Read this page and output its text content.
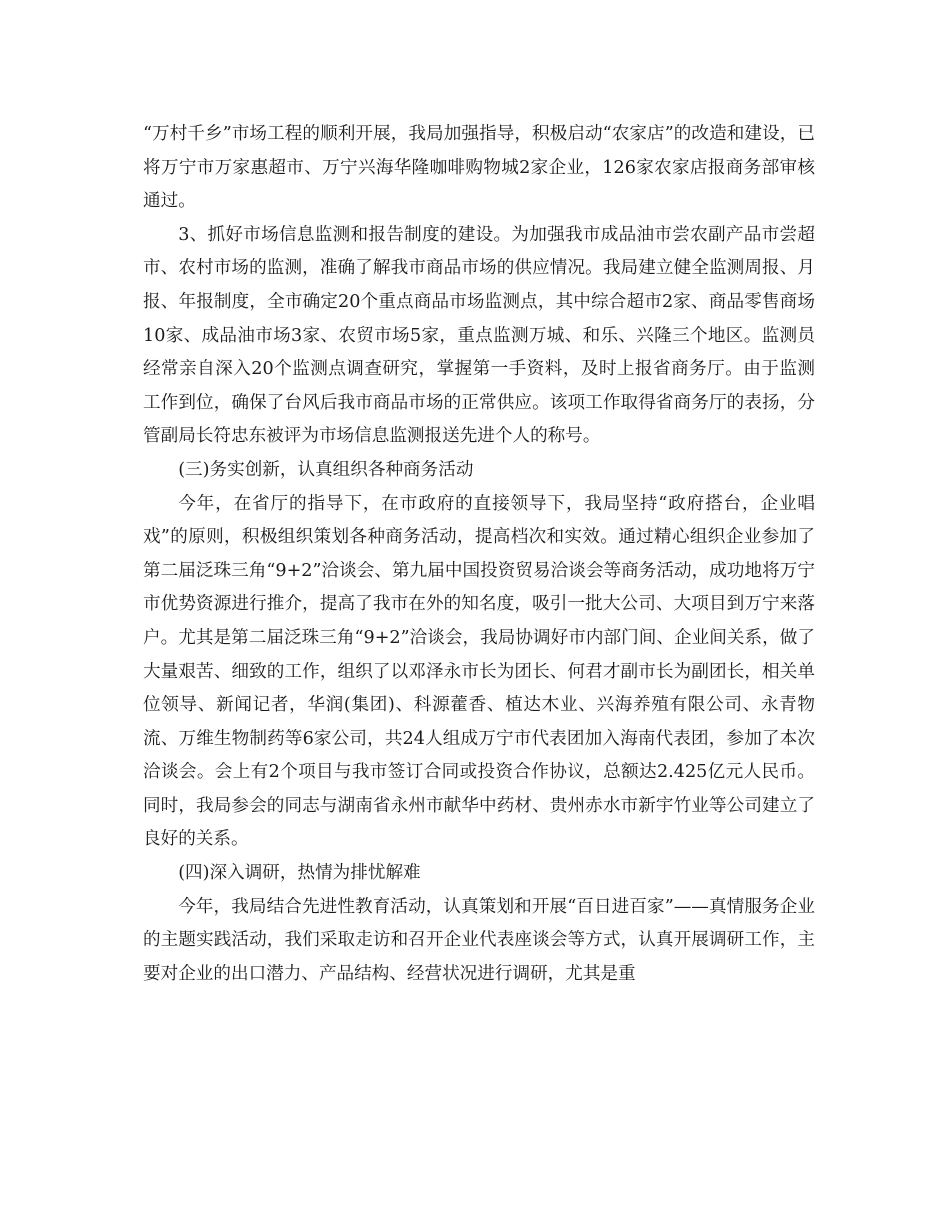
“万村千乡”市场工程的顺利开展，我局加强指导，积极启动“农家店”的改造和建设，已将万宁市万家惠超市、万宁兴海华隆咖啡购物城2家企业，126家农家店报商务部审核通过。

3、抓好市场信息监测和报告制度的建设。为加强我市成品油市尝农副产品市尝超市、农村市场的监测，准确了解我市商品市场的供应情况。我局建立健全监测周报、月报、年报制度，全市确定20个重点商品市场监测点，其中综合超市2家、商品零售商场10家、成品油市场3家、农贸市场5家，重点监测万城、和乐、兴隆三个地区。监测员经常亲自深入20个监测点调查研究，掌握第一手资料，及时上报省商务厅。由于监测工作到位，确保了台风后我市商品市场的正常供应。该项工作取得省商务厅的表扬，分管副局长符忠东被评为市场信息监测报送先进个人的称号。

(三)务实创新，认真组织各种商务活动

今年，在省厅的指导下，在市政府的直接领导下，我局坚持“政府搭台，企业唱戏”的原则，积极组织策划各种商务活动，提高档次和实效。通过精心组织企业参加了第二届泛珠三角“9+2”洽谈会、第九届中国投资贸易洽谈会等商务活动，成功地将万宁市优势资源进行推介，提高了我市在外的知名度，吸引一批大公司、大项目到万宁来落户。尤其是第二届泛珠三角“9+2”洽谈会，我局协调好市内部门间、企业间关系，做了大量艰苦、细致的工作，组织了以邓泽永市长为团长、何君才副市长为副团长，相关单位领导、新闻记者，华润(集团)、科源藿香、植达木业、兴海养殖有限公司、永青物流、万维生物制药等6家公司，共24人组成万宁市代表团加入海南代表团，参加了本次洽谈会。会上有2个项目与我市签订合同或投资合作协议，总额达2.425亿元人民币。同时，我局参会的同志与湖南省永州市献华中药材、贵州赤水市新宇竹业等公司建立了良好的关系。

(四)深入调研，热情为排忧解难

今年，我局结合先进性教育活动，认真策划和开展“百日进百家”——真情服务企业的主题实践活动，我们采取走访和召开企业代表座谈会等方式，认真开展调研工作，主要对企业的出口潜力、产品结构、经营状况进行调研，尤其是重
